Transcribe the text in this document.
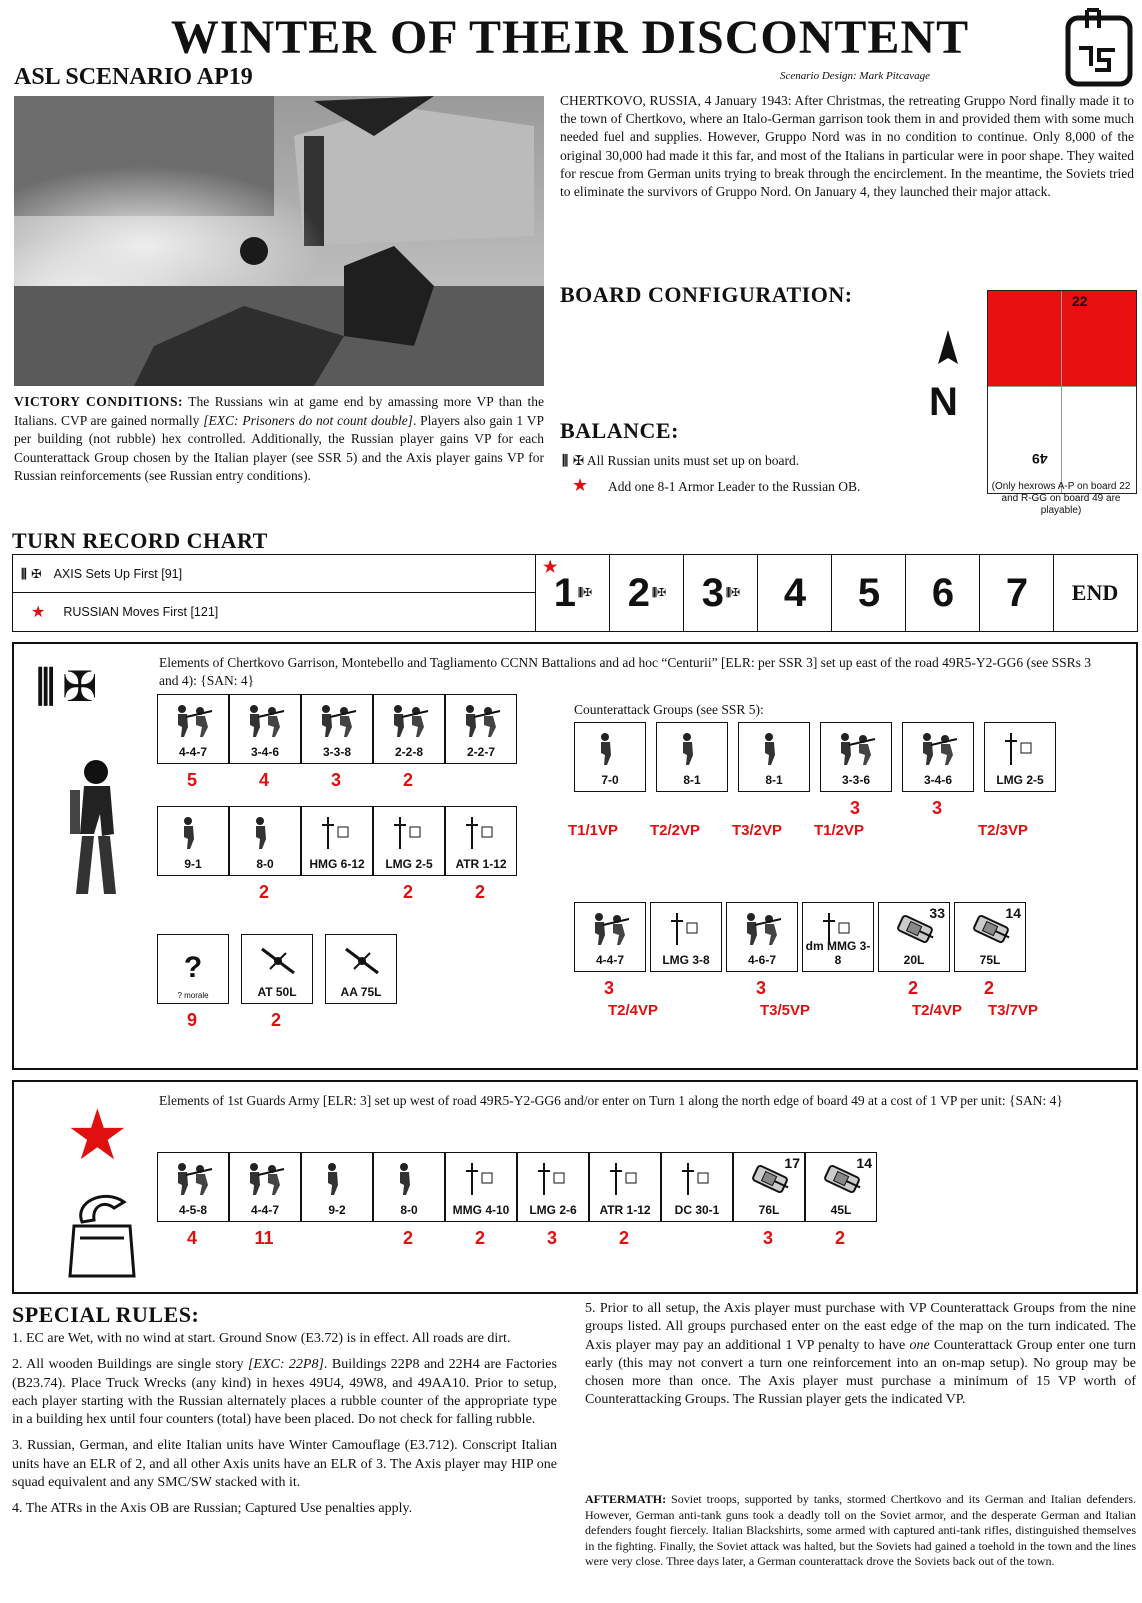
WINTER OF THEIR DISCONTENT
ASL SCENARIO AP19	Scenario Design: Mark Pitcavage
CHERTKOVO, RUSSIA, 4 January 1943: After Christmas, the retreating Gruppo Nord finally made it to the town of Chertkovo, where an Italo-German garrison took them in and provided them with some much needed fuel and supplies. However, Gruppo Nord was in no condition to continue. Only 8,000 of the original 30,000 had made it this far, and most of the Italians in particular were in poor shape. They waited for rescue from German units trying to break through the encirclement. In the meantime, the Soviets tried to eliminate the survivors of Gruppo Nord. On January 4, they launched their major attack.
BOARD CONFIGURATION:
N
22
49
(Only hexrows A-P on board 22 and R-GG on board 49 are playable)
VICTORY CONDITIONS: The Russians win at game end by amassing more VP than the Italians. CVP are gained normally [EXC: Prisoners do not count double]. Players also gain 1 VP per building (not rubble) hex controlled. Additionally, the Russian player gains VP for each Counterattack Group chosen by the Italian player (see SSR 5) and the Axis player gains VP for Russian reinforcements (see Russian entry conditions).
BALANCE:
⫼ ✠ All Russian units must set up on board.
★ Add one 8-1 Armor Leader to the Russian OB.
TURN RECORD CHART
⫼ ✠ AXIS Sets Up First [91]
★ RUSSIAN Moves First [121]
★
1 ⫼✠ 2 ⫼✠ 3 ⫼✠ 4 5 6 7 END
⫼ ✠	Elements of Chertkovo Garrison, Montebello and Tagliamento CCNN Battalions and ad hoc “Centurii” [ELR: per SSR 3] set up east of the road 49R5-Y2-GG6 (see SSRs 3 and 4): {SAN: 4}
4-4-7
5
3-4-6
4
3-3-8
3
2-2-8
2
2-2-7
9-1	8-0
2
HMG 6-12	LMG 2-5
2
ATR 1-12
2
?
? morale
9
AT 50L
2
AA 75L
Counterattack Groups (see SSR 5):
7-0
T1/1VP
8-1
T2/2VP
8-1
T3/2VP
3-3-6
3
T1/2VP
3-4-6
3
LMG 2-5
T2/3VP
4-4-7
3
T2/4VP
LMG 3-8	4-6-7
3
T3/5VP
dm MMG 3-8	20L
33
2
T2/4VP
75L
14
2
T3/7VP
★ Elements of 1st Guards Army [ELR: 3] set up west of road 49R5-Y2-GG6 and/or enter on Turn 1 along the north edge of board 49 at a cost of 1 VP per unit: {SAN: 4}
4-5-8
4
4-4-7
11
9-2	8-0
2
MMG 4-10
2
LMG 2-6
3
ATR 1-12
2
DC 30-1	76L
17
3
45L
14
2
SPECIAL RULES:
1. EC are Wet, with no wind at start. Ground Snow (E3.72) is in effect. All roads are dirt.
2. All wooden Buildings are single story [EXC: 22P8]. Buildings 22P8 and 22H4 are Factories (B23.74). Place Truck Wrecks (any kind) in hexes 49U4, 49W8, and 49AA10. Prior to setup, each player starting with the Russian alternately places a rubble counter of the appropriate type in a building hex until four counters (total) have been placed. Do not check for falling rubble.
3. Russian, German, and elite Italian units have Winter Camouflage (E3.712). Conscript Italian units have an ELR of 2, and all other Axis units have an ELR of 3. The Axis player may HIP one squad equivalent and any SMC/SW stacked with it.
4. The ATRs in the Axis OB are Russian; Captured Use penalties apply.
5. Prior to all setup, the Axis player must purchase with VP Counterattack Groups from the nine groups listed. All groups purchased enter on the east edge of the map on the turn indicated. The Axis player may pay an additional 1 VP penalty to have one Counterattack Group enter one turn early (this may not convert a turn one reinforcement into an on-map setup). No group may be chosen more than once. The Axis player must purchase a minimum of 15 VP worth of Counterattacking Groups. The Russian player gets the indicated VP.
AFTERMATH: Soviet troops, supported by tanks, stormed Chertkovo and its German and Italian defenders. However, German anti-tank guns took a deadly toll on the Soviet armor, and the desperate German and Italian defenders fought fiercely. Italian Blackshirts, some armed with captured anti-tank rifles, distinguished themselves in the fighting. Finally, the Soviet attack was halted, but the Soviets had gained a toehold in the town and the lines were very close. Three days later, a German counterattack drove the Soviets back out of the town.
